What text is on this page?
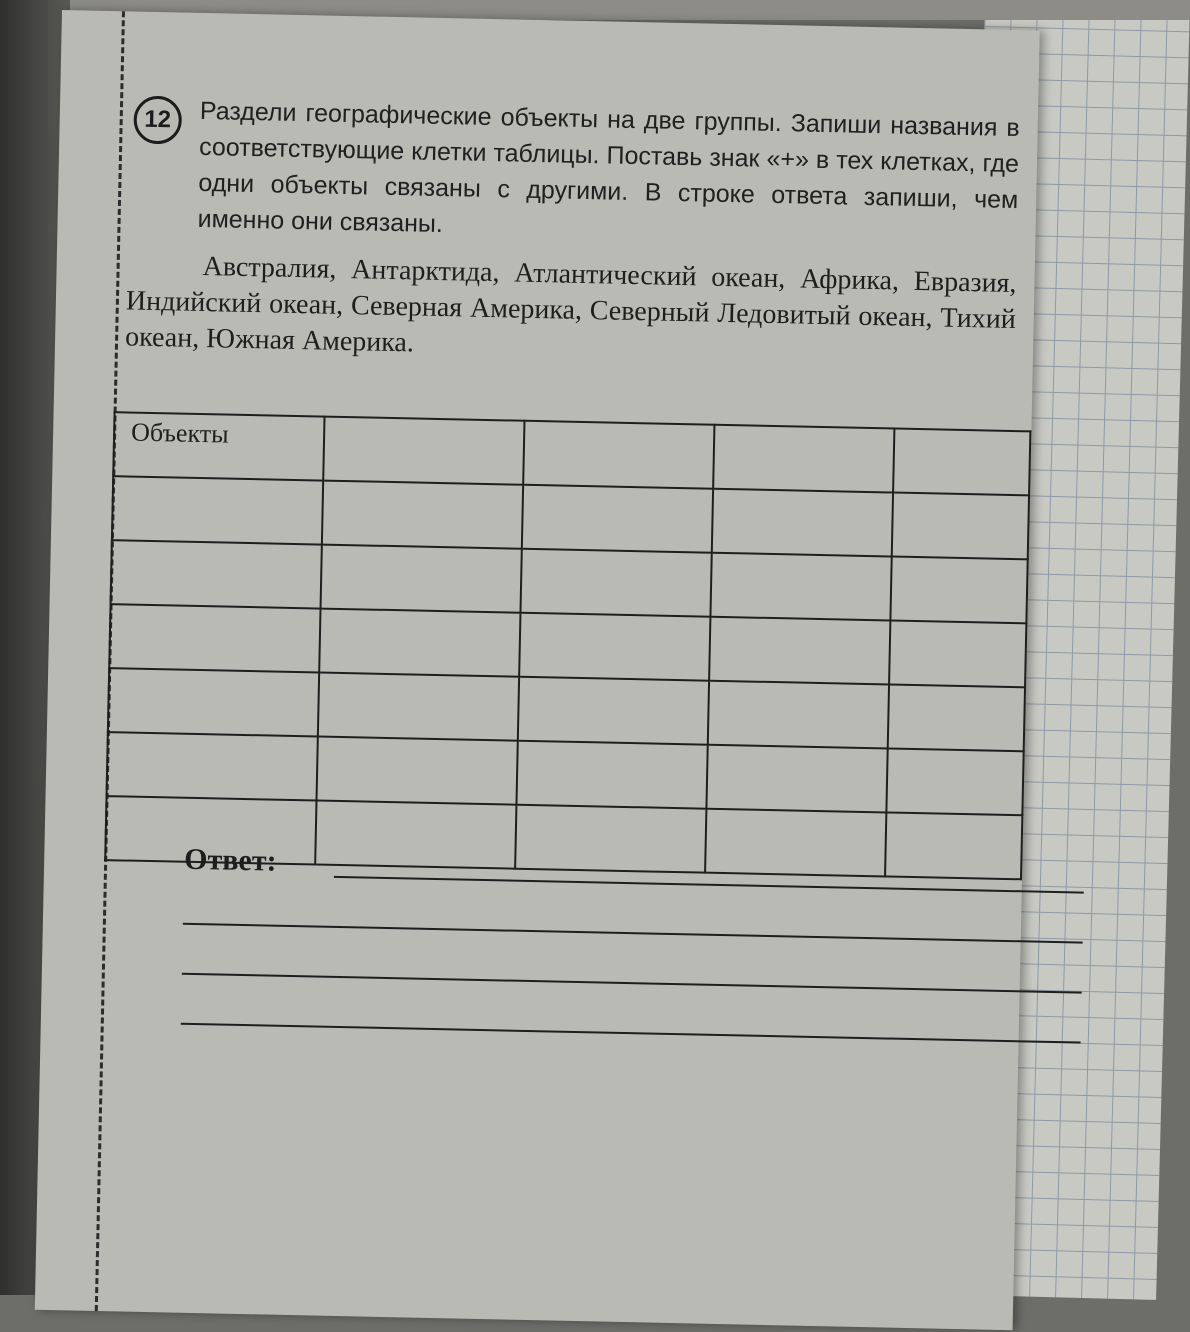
12 Раздели географические объекты на две группы. Запиши названия в соответствующие клетки таблицы. Поставь знак «+» в тех клетках, где одни объекты связаны с другими. В строке ответа запиши, чем именно они связаны.

Австралия, Антарктида, Атлантический океан, Африка, Евразия, Индийский океан, Северная Америка, Северный Ледовитый океан, Тихий океан, Южная Америка.

Объекты				

Ответ:
